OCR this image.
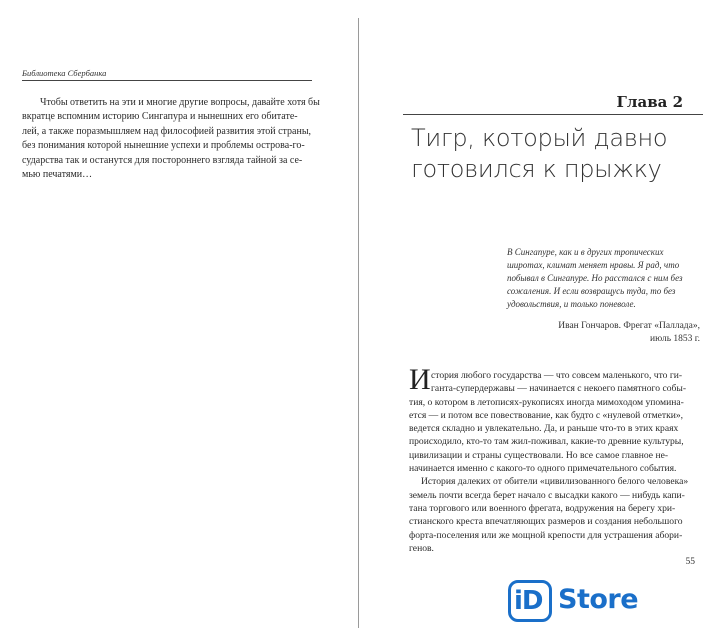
Библиотека Сбербанка
Чтобы ответить на эти и многие другие вопросы, давайте хотя бы
вкратце вспомним историю Сингапура и нынешних его обитате-
лей, а также поразмышляем над философией развития этой страны,
без понимания которой нынешние успехи и проблемы острова-го-
сударства так и останутся для постороннего взгляда тайной за се-
мью печатями…
Глава 2
Тигр, который давно
готовился к прыжку
В Сингапуре, как и в других тропических
широтах, климат меняет нравы. Я рад, что
побывал в Сингапуре. Но расстался с ним без
сожаления. И если возвращусь туда, то без
удовольствия, и только поневоле.
Иван Гончаров. Фрегат «Паллада»,
июль 1853 г.
И стория любого государства — что совсем маленького, что ги-
ганта-супердержавы — начинается с некоего памятного собы-
тия, о котором в летописях-рукописях иногда мимоходом упомина-
ется — и потом все повествование, как будто с «нулевой отметки»,
ведется складно и увлекательно. Да, и раньше что-то в этих краях
происходило, кто-то там жил-поживал, какие-то древние культуры,
цивилизации и страны существовали. Но все самое главное не-
начинается именно с какого-то одного примечательного события.
История далеких от обители «цивилизованного белого человека»
земель почти всегда берет начало с высадки какого — нибудь капи-
тана торгового или военного фрегата, водружения на берегу хри-
стианского креста впечатляющих размеров и создания небольшого
форта-поселения или же мощной крепости для устрашения абори-
генов.
55
iD Store
